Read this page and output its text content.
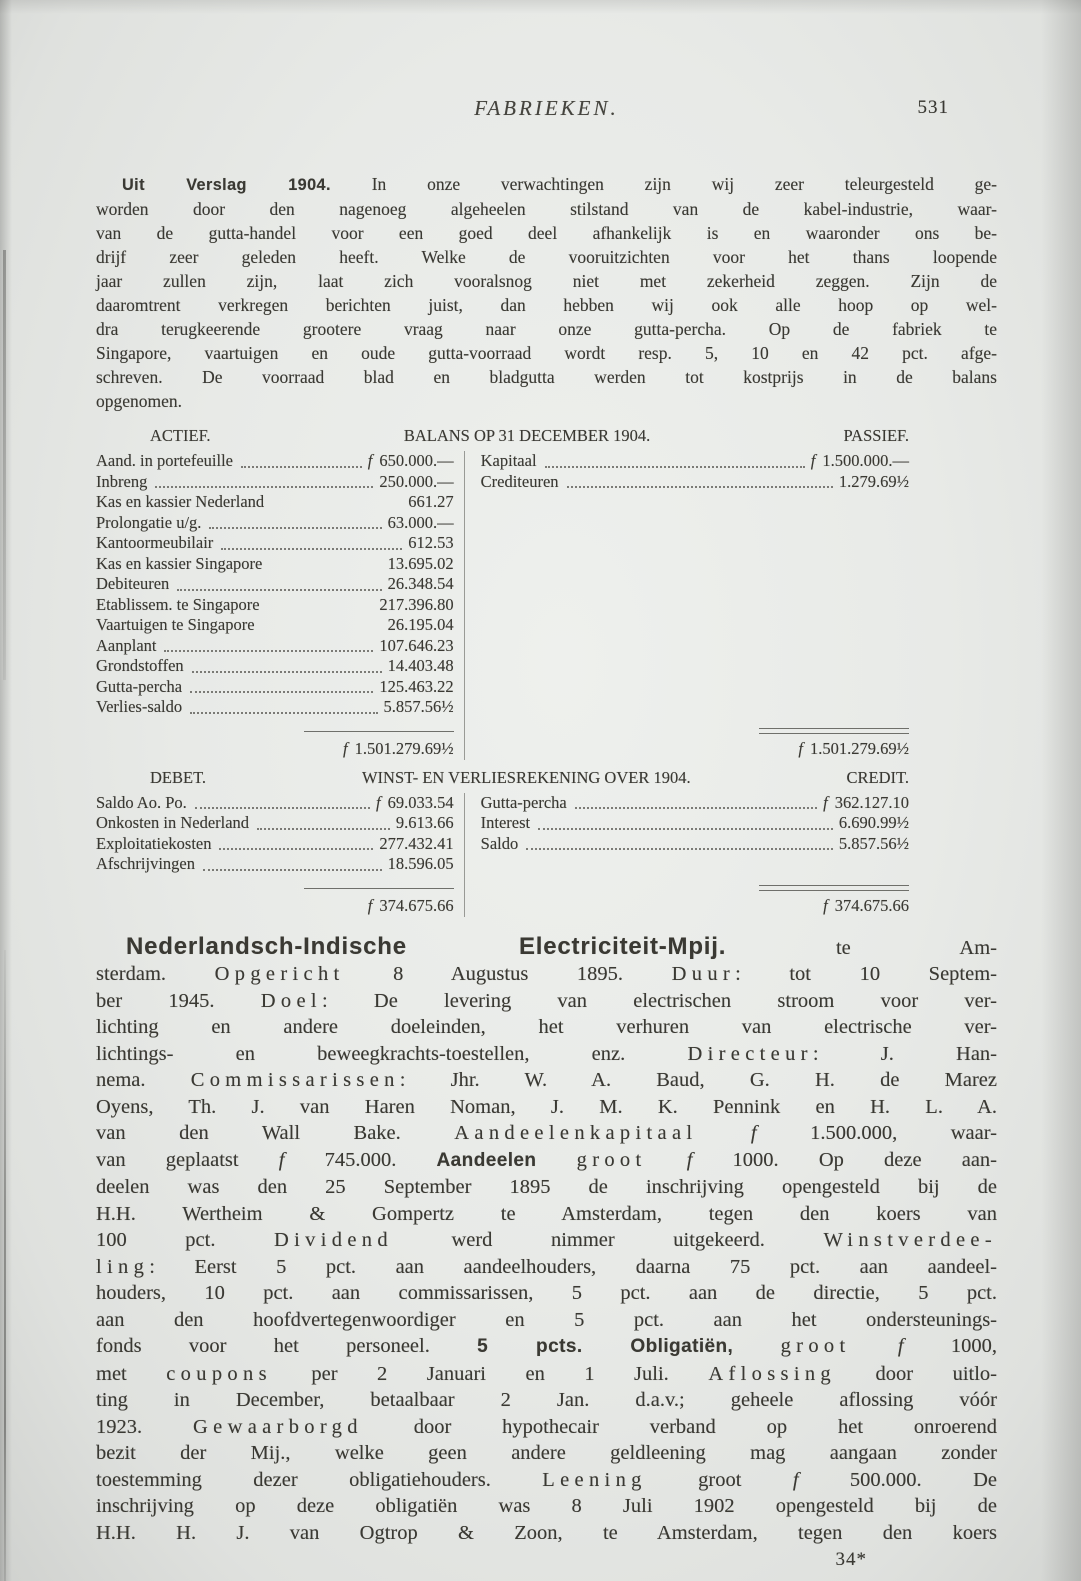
FABRIEKEN.	531
Uit Verslag 1904. In onze verwachtingen zijn wij zeer teleurgesteld ge-
worden door den nagenoeg algeheelen stilstand van de kabel-industrie, waar-
van de gutta-handel voor een goed deel afhankelijk is en waaronder ons be-
drijf zeer geleden heeft. Welke de vooruitzichten voor het thans loopende
jaar zullen zijn, laat zich vooralsnog niet met zekerheid zeggen. Zijn de
daaromtrent verkregen berichten juist, dan hebben wij ook alle hoop op wel-
dra terugkeerende grootere vraag naar onze gutta-percha. Op de fabriek te
Singapore, vaartuigen en oude gutta-voorraad wordt resp. 5, 10 en 42 pct. afge-
schreven. De voorraad blad en bladgutta werden tot kostprijs in de balans
opgenomen.
ACTIEF.	BALANS OP 31 DECEMBER 1904.	PASSIEF.
Aand. in portefeuille	f 650.000.—
Inbreng	250.000.—
Kas en kassier Nederland	661.27
Prolongatie u/g.	63.000.—
Kantoormeubilair	612.53
Kas en kassier Singapore	13.695.02
Debiteuren	26.348.54
Etablissem. te Singapore	217.396.80
Vaartuigen te Singapore	26.195.04
Aanplant	107.646.23
Grondstoffen	14.403.48
Gutta-percha	125.463.22
Verlies-saldo	5.857.56½
f 1.501.279.69½
Kapitaal	f 1.500.000.—
Crediteuren	1.279.69½
f 1.501.279.69½
DEBET.	WINST- EN VERLIESREKENING OVER 1904.	CREDIT.
Saldo Ao. Po.	f 69.033.54
Onkosten in Nederland	9.613.66
Exploitatiekosten	277.432.41
Afschrijvingen	18.596.05
f 374.675.66
Gutta-percha	f 362.127.10
Interest	6.690.99½
Saldo	5.857.56½
f 374.675.66
Nederlandsch-Indische Electriciteit-Mpij. te Am-
sterdam. Opgericht 8 Augustus 1895. Duur: tot 10 Septem-
ber 1945. Doel: De levering van electrischen stroom voor ver-
lichting en andere doeleinden, het verhuren van electrische ver-
lichtings- en beweegkrachts-toestellen, enz. Directeur: J. Han-
nema. Commissarissen: Jhr. W. A. Baud, G. H. de Marez
Oyens, Th. J. van Haren Noman, J. M. K. Pennink en H. L. A.
van den Wall Bake. Aandeelenkapitaal f 1.500.000, waar-
van geplaatst f 745.000. Aandeelen groot f 1000. Op deze aan-
deelen was den 25 September 1895 de inschrijving opengesteld bij de
H.H. Wertheim & Gompertz te Amsterdam, tegen den koers van
100 pct. Dividend werd nimmer uitgekeerd. Winstverdee-
ling: Eerst 5 pct. aan aandeelhouders, daarna 75 pct. aan aandeel-
houders, 10 pct. aan commissarissen, 5 pct. aan de directie, 5 pct.
aan den hoofdvertegenwoordiger en 5 pct. aan het ondersteunings-
fonds voor het personeel. 5 pcts. Obligatiën, groot f 1000,
met coupons per 2 Januari en 1 Juli. Aflossing door uitlo-
ting in December, betaalbaar 2 Jan. d.a.v.; geheele aflossing vóór
1923. Gewaarborgd door hypothecair verband op het onroerend
bezit der Mij., welke geen andere geldleening mag aangaan zonder
toestemming dezer obligatiehouders. Leening groot f 500.000. De
inschrijving op deze obligatiën was 8 Juli 1902 opengesteld bij de
H.H. H. J. van Ogtrop & Zoon, te Amsterdam, tegen den koers
34*
